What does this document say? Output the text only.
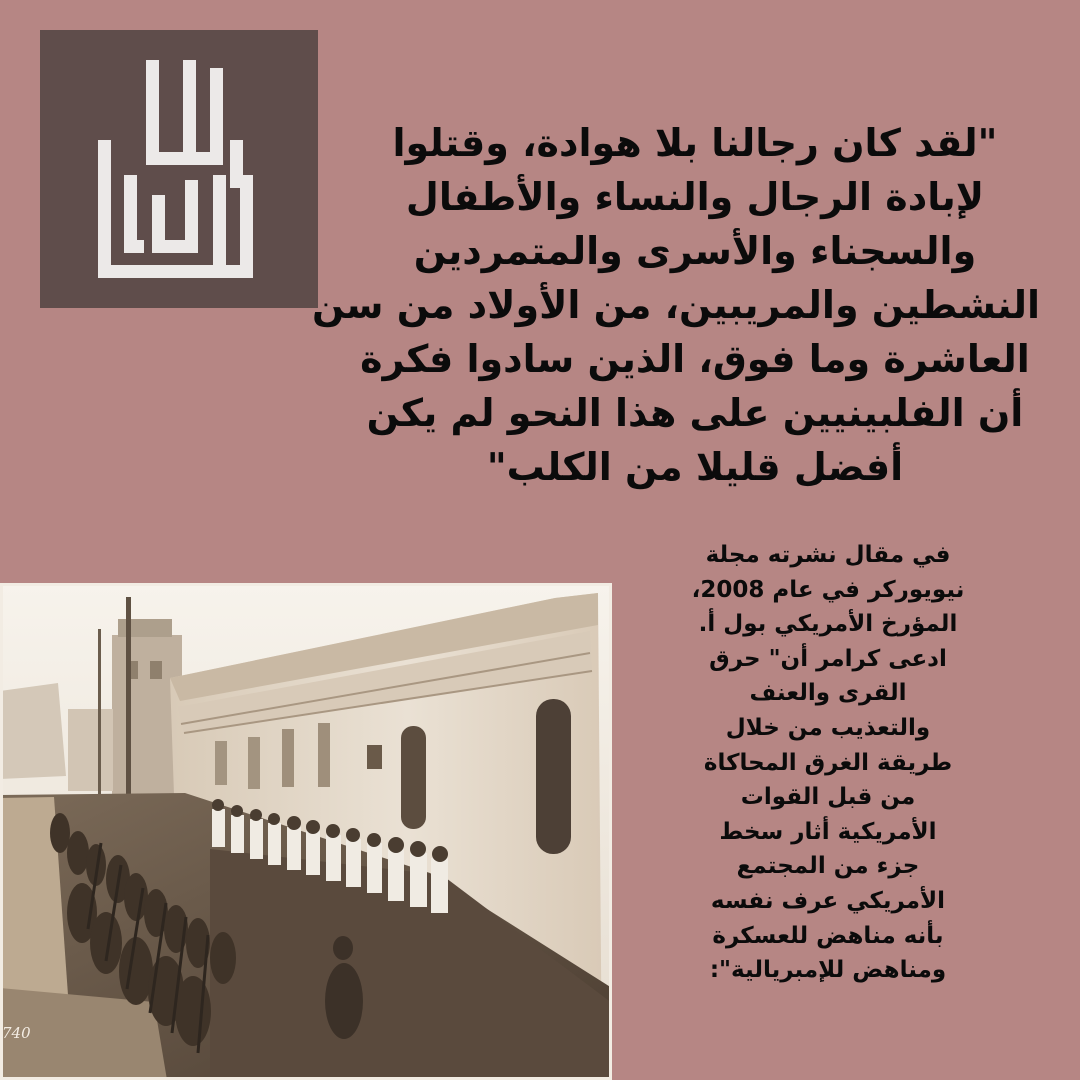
"لقد كان رجالنا بلا هوادة، وقتلوا
لإبادة الرجال والنساء والأطفال
والسجناء والأسرى والمتمردين
النشطين والمريبين، من الأولاد من سن
العاشرة وما فوق، الذين سادوا فكرة
أن الفلبينيين على هذا النحو لم يكن
أفضل قليلا من الكلب"
في مقال نشرته مجلة
نيويوركر في عام 2008،
المؤرخ الأمريكي بول أ.
ادعى كرامر أن" حرق
القرى والعنف
والتعذيب من خلال
طريقة الغرق المحاكاة
من قبل القوات
الأمريكية أثار سخط
جزء من المجتمع
الأمريكي عرف نفسه
بأنه مناهض للعسكرة
ومناهض للإمبريالية":
740
